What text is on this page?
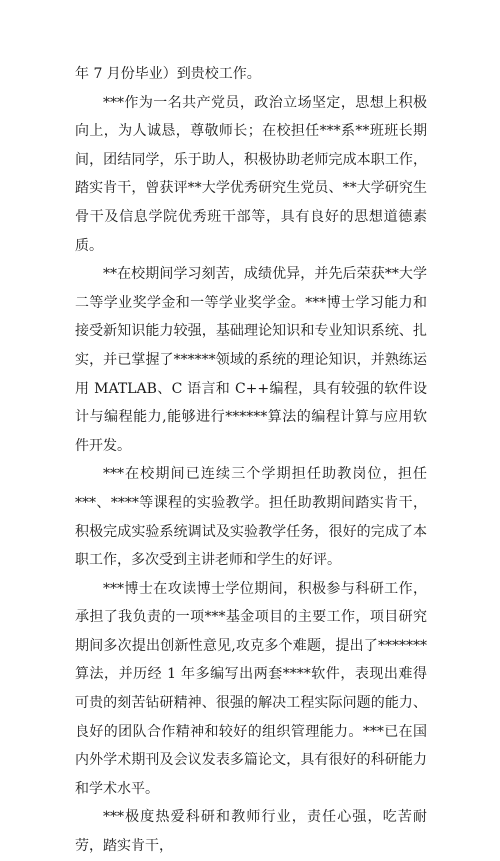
年 7 月份毕业）到贵校工作。

***作为一名共产党员，政治立场坚定，思想上积极向上，为人诚恳，尊敬师长；在校担任***系**班班长期间，团结同学，乐于助人，积极协助老师完成本职工作，踏实肯干，曾获评**大学优秀研究生党员、**大学研究生骨干及信息学院优秀班干部等，具有良好的思想道德素质。

**在校期间学习刻苦，成绩优异，并先后荣获**大学二等学业奖学金和一等学业奖学金。***博士学习能力和接受新知识能力较强，基础理论知识和专业知识系统、扎实，并已掌握了******领域的系统的理论知识，并熟练运用 MATLAB、C 语言和 C++编程，具有较强的软件设计与编程能力,能够进行******算法的编程计算与应用软件开发。

***在校期间已连续三个学期担任助教岗位，担任***、****等课程的实验教学。担任助教期间踏实肯干，积极完成实验系统调试及实验教学任务，很好的完成了本职工作，多次受到主讲老师和学生的好评。

***博士在攻读博士学位期间，积极参与科研工作，承担了我负责的一项***基金项目的主要工作，项目研究期间多次提出创新性意见,攻克多个难题，提出了*******算法，并历经 1 年多编写出两套****软件，表现出难得可贵的刻苦钻研精神、很强的解决工程实际问题的能力、良好的团队合作精神和较好的组织管理能力。***已在国内外学术期刊及会议发表多篇论文，具有很好的科研能力和学术水平。

***极度热爱科研和教师行业，责任心强，吃苦耐劳，踏实肯干，
